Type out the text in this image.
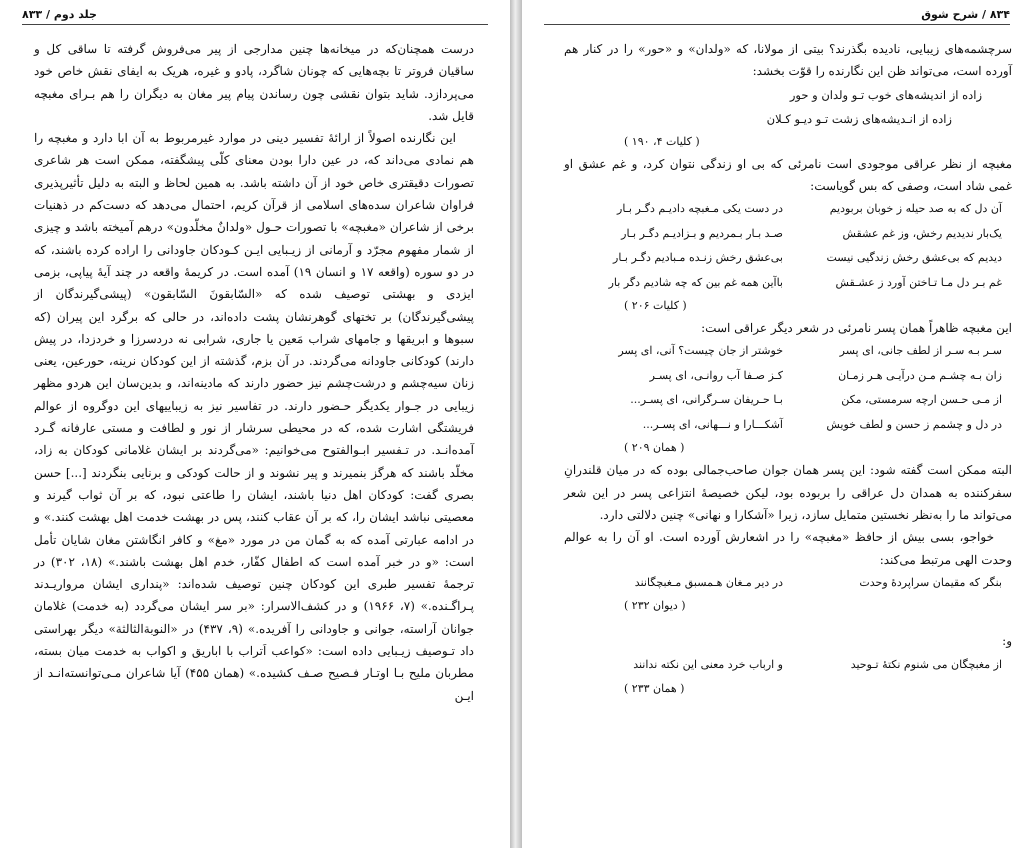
جلد دوم / ۸۳۳

درست همچنان‌که در میخانه‌ها چنین مدارجی از پیر می‌فروش گرفته تا ساقی کل و ساقیان فروتر تا بچه‌هایی که چونان شاگرد، پادو و غیره، هریک به ایفای نقش خاص خود می‌پردازد. شاید بتوان نقشی چون رساندن پیام پیر مغان به دیگران را هم بـرای مغبچه قایل شد.

این نگارنده اصولاً از ارائهٔ تفسیر دینی در موارد غیرمربوط به آن ابا دارد و مغبچه را هم نمادی می‌داند که، در عین دارا بودن معنای کلّی پیشگفته، ممکن است هر شاعری تصورات دقیقتری خاص خود از آن داشته باشد. به همین لحاظ و البته به دلیل تأثیرپذیری فراوان شاعران سده‌های اسلامی از قرآن کریم، احتمال می‌دهد که دست‌کم در ذهنیات برخی از شاعران «مغبچه» با تصورات حـول «ولدانٌ مخلّدون» درهم آمیخته باشد و چیزی از شمار مفهوم مجرّد و آرمانی از زیـبایی ایـن کـودکان جاودانی را اراده کرده باشند، که در دو سوره (واقعه ۱۷ و انسان ۱۹) آمده است. در کریمهٔ واقعه در چند آیهٔ پیاپی، بزمی ایزدی و بهشتی توصیف شده که «السّابقونَ السّابقون» (پیشی‌گیرندگان از پیشی‌گیرندگان) بر تختهای گوهرنشان پشت داده‌اند، در حالی که برگرد این پیران (که سبوها و ابریقها و جامهای شراب مَعین یا جاری، شرابی نه دردسرزا و خردزدا، در پیش دارند) کودکانی جاودانه می‌گردند. در آن بزم، گذشته از این کودکان نرینه، حورعین، یعنی زنان سیه‌چشم و درشت‌چشم نیز حضور دارند که مادینه‌اند، و بدین‌سان این هردو مظهر زیبایی در جـوار یکدیگر حـضور دارند. در تفاسیر نیز به زیباییهای این دوگروه از عوالم فریشتگی اشارت شده، که در محیطی سرشار از نور و لطافت و مستی عارفانه گـرد آمده‌انـد. در تـفسیر ابـوالفتوح می‌خوانیم: «می‌گردند بر ایشان غلامانی کودکان به زاد، مخلّد باشند که هرگز بنمیرند و پیر نشوند و از حالت کودکی و برنایی بنگردند [...] حسن بصری گفت: کودکان اهل دنیا باشند، ایشان را طاعتی نبود، که بر آن ثواب گیرند و معصیتی نباشد ایشان را، که بر آن عقاب کنند، پس در بهشت خدمت اهل بهشت کنند.» و در ادامه عبارتی آمده که به گمان من در مورد «مغ» و کافر انگاشتن مغان شایان تأمل است: «و در خبر آمده است که اطفال کفّار، خدم اهل بهشت باشند.» (۱۸، ۳۰۲) در ترجمهٔ تفسیر طبری این کودکان چنین توصیف شده‌اند: «پنداری ایشان مرواریـدند پـراگـنده.» (۷، ۱۹۶۶) و در کشف‌الاسرار: «بر سر ایشان می‌گردد (به خدمت) غلامان جوانان آراسته، جوانی و جاودانی را آفریده.» (۹، ۴۳۷) در «النوبةالثالثة» دیگر بهراستی داد تـوصیف زیـبایی داده است: «کواعب اَتراب با اباریق و اکواب به خدمت میان بسته، مطربان ملیح بـا اوتـار فـصیح صـف کشیده.» (همان ۴۵۵) آیا شاعران مـی‌توانسته‌انـد از ایـن

۸۳۴ / شرح شوق

سرچشمه‌های زیبایی، نادیده بگذرند؟ بیتی از مولانا، که «ولدان» و «حور» را در کنار هم آورده است، می‌تواند ظن این نگارنده را قوّت بخشد:

زاده از اندیشه‌های خوب تـو ولدان و حور
زاده از انـدیشه‌های زشت تـو دیـو کـلان
( کلیات ۴، ۱۹۰ )

مغبچه از نظر عراقی موجودی است نامرئی که بی او زندگی نتوان کرد، و غم عشق او غمی شاد است، وصفی که بس گویاست:

آن دل که به صد حیله ز خوبان بربودیم
در دست یکی مـغبچه دادیـم دگـر بـار
یک‌بار ندیدیم رخش، وز غم عشقش
صـد بـار بـمردیم و بـزادیـم دگـر بـار
دیدیم که بی‌عشق رخش زندگیی نیست
بی‌عشق رخش زنـده مـبادیم دگـر بـار
غم بـر دل مـا تـاختن آورد ز عشـقش
باآین همه غم بین که چه شادیم دگر بار
( کلیات ۲۰۶ )

این مغبچه ظاهراً همان پسر نامرئی در شعر دیگر عراقی است:

سـر بـه سـر از لطف جانی، ای پسر
خوشتر از جان چیست؟ آنی، ای پسر
زان بـه چشـم مـن درآیـی هـر زمـان
کـز صـفا آب روانـی، ای پسـر
از مـی حـسن ارچه سرمستی، مکن
بـا حـریفان سـرگرانی، ای پسـر...
در دل و چشمم ز حسن و لطف خویش
آشکـــارا و نـــهانی، ای پسـر...
( همان ۲۰۹ )

البته ممکن است گفته شود: این پسر همان جوان صاحب‌جمالی بوده که در میان قلندرانِ سفرکننده به همدان دل عراقی را بربوده بود، لیکن خصیصهٔ انتزاعی پسر در این شعر می‌تواند ما را به‌نظر نخستین متمایل سازد، زیرا «آشکارا و نهانی» چنین دلالتی دارد.

خواجو، بسی بیش از حافظ «مغبچه» را در اشعارش آورده است. او آن را به عوالم وحدت الهی مرتبط می‌کند:

بنگر که مقیمان سراپردهٔ وحدت
در دیر مـغان هـمسبق مـغبچگانند
( دیوان ۲۳۲ )
و:
از مغبچگان می شنوم نکتهٔ تـوحید
و ارباب خرد معنی این نکته ندانند
( همان ۲۳۳ )
